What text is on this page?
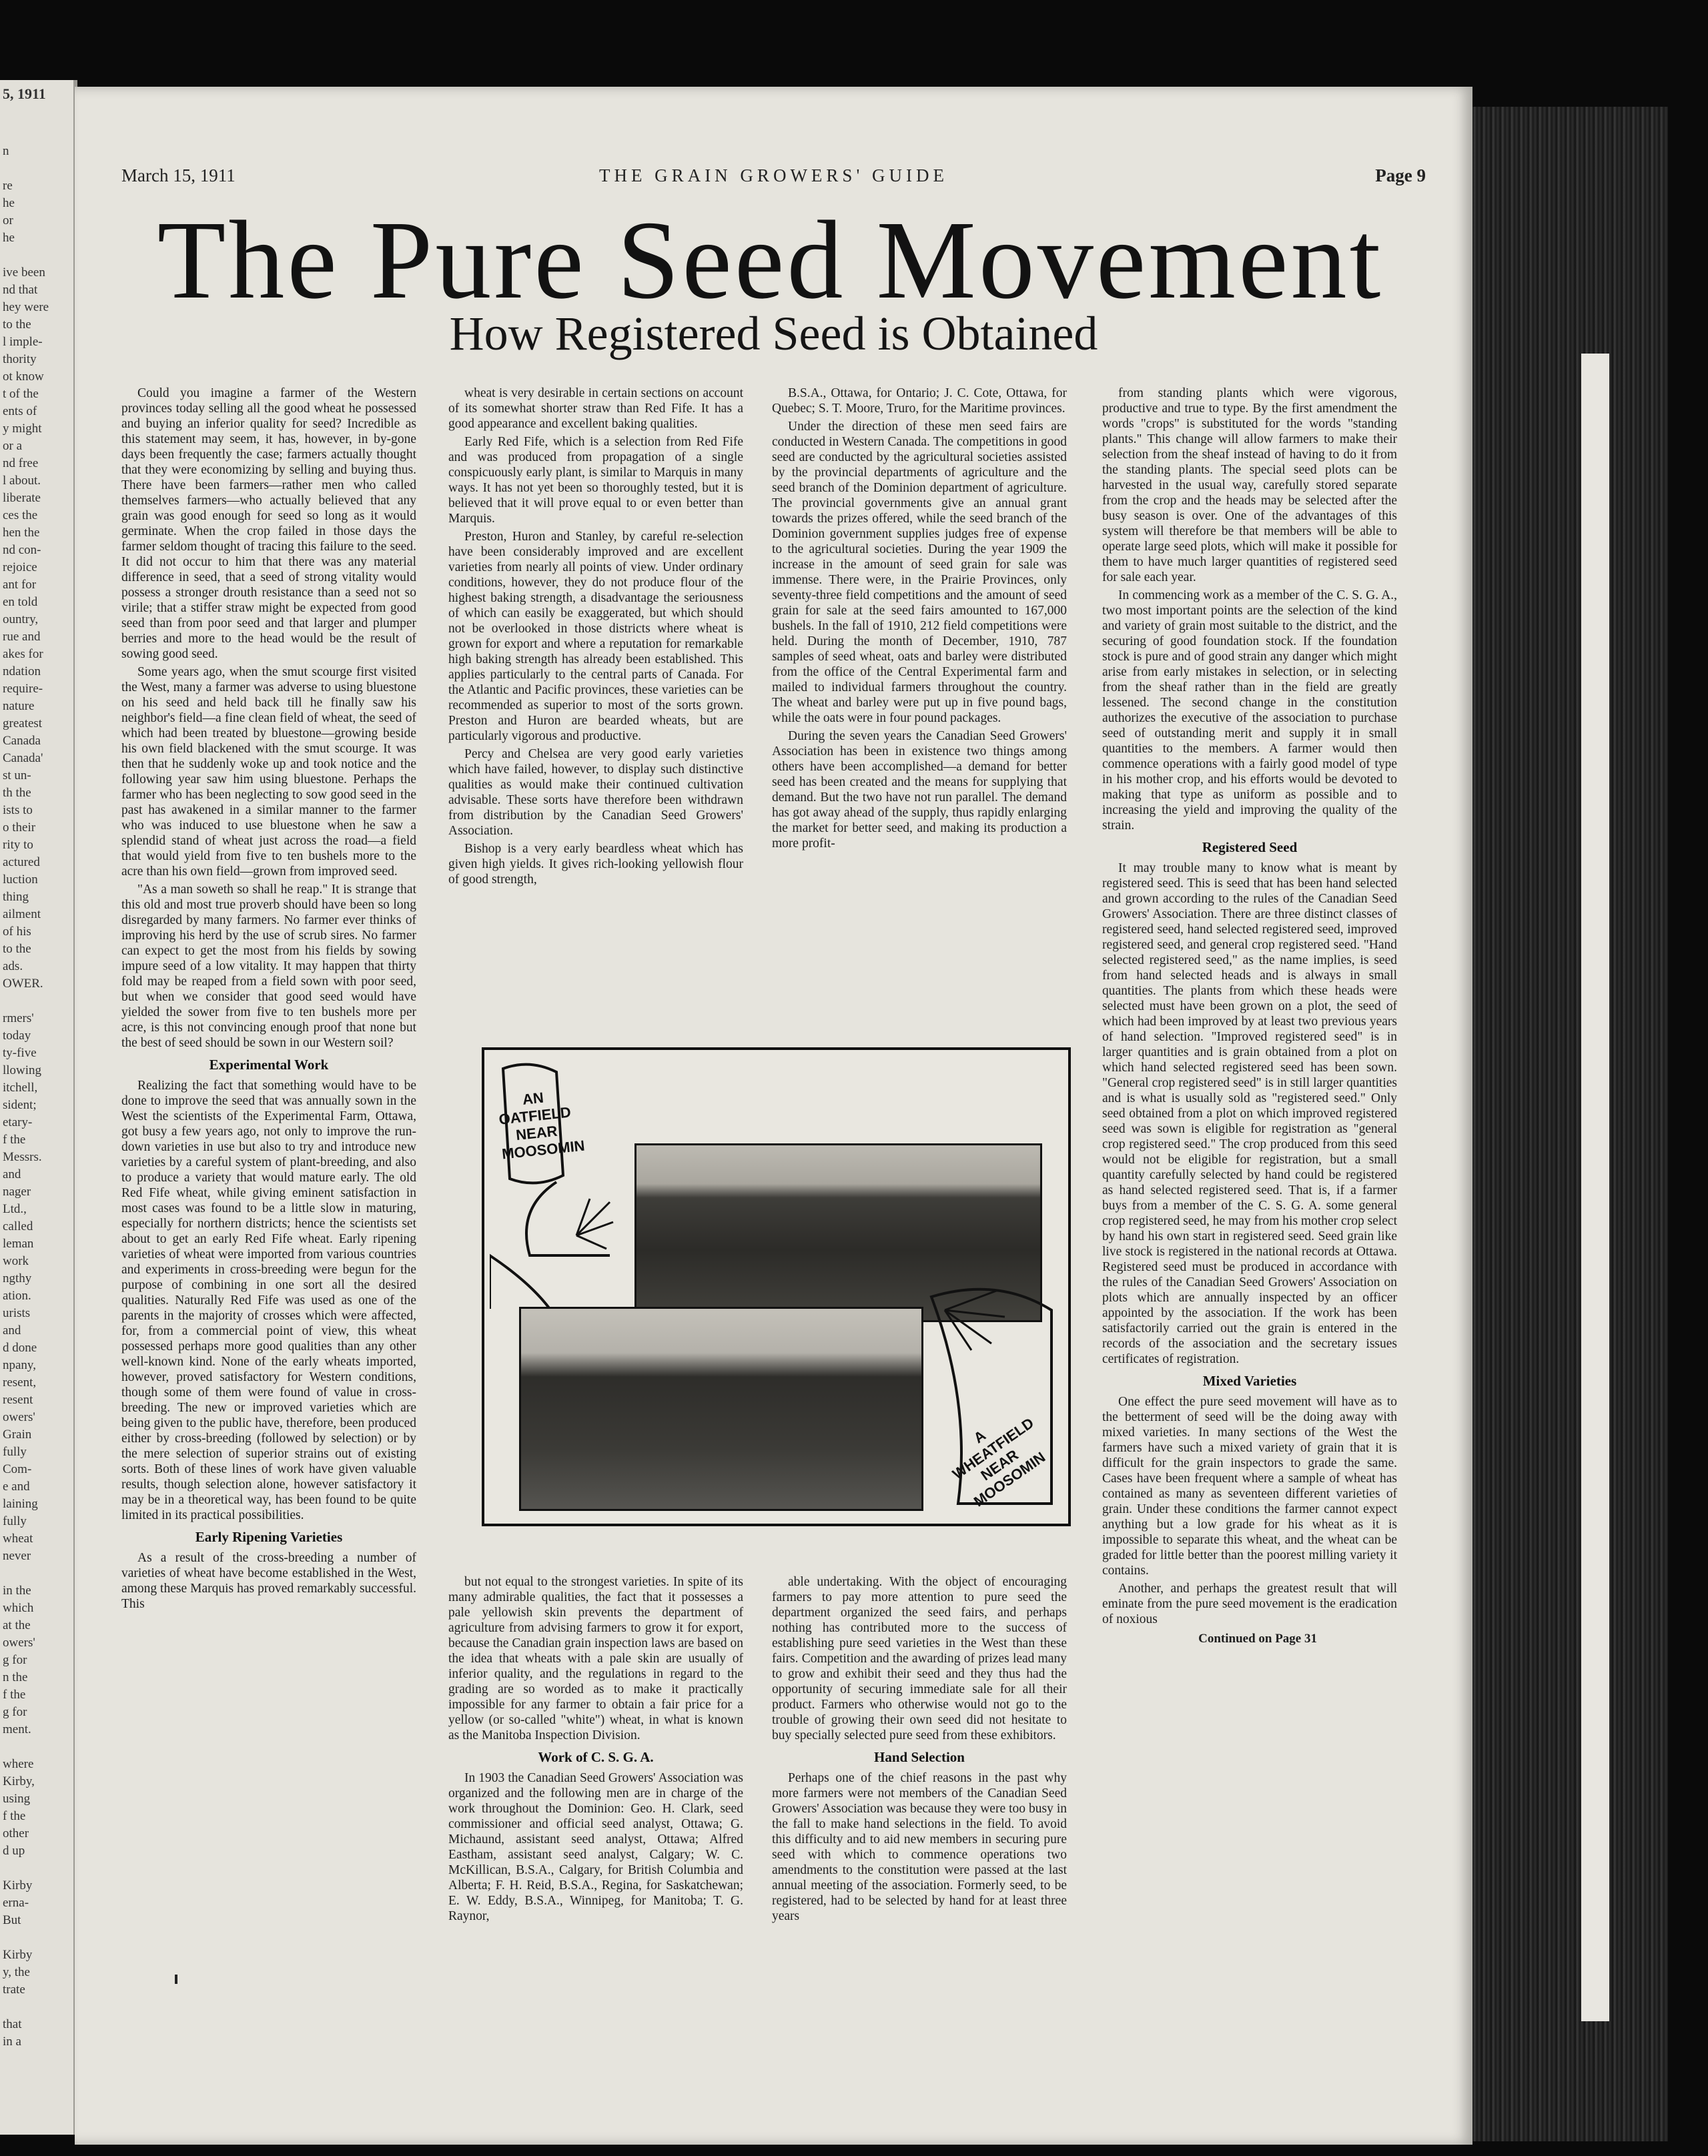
5, 1911
n

re
he
or
he

ive been
nd that
hey were
to the
l imple-
thority
ot know
t of the
ents of
y might
or a
nd free
l about.
liberate
ces the
hen the
nd con-
rejoice
ant for
en told
ountry,
rue and
akes for
ndation
require-
nature
greatest
Canada
Canada'
st un-
th the
ists to
o their
rity to
actured
luction
thing
ailment
of his
to the
ads.
OWER.

rmers'
today
ty-five
llowing
itchell,
sident;
etary-
f the
Messrs.
and
nager
Ltd.,
called
leman
work
ngthy
ation.
urists
and
d done
npany,
resent,
resent
owers'
Grain
fully
Com-
e and
laining
fully
wheat
never

in the
which
at the
owers'
g for
n the
f the
g for
ment.

where
Kirby,
using
f the
other
d up

Kirby
erna-
But

Kirby
y, the
trate

that
in a
March 15, 1911	THE GRAIN GROWERS' GUIDE	Page 9
The Pure Seed Movement
How Registered Seed is Obtained

Could you imagine a farmer of the Western provinces today selling all the good wheat he possessed and buying an inferior quality for seed? Incredible as this statement may seem, it has, however, in by-gone days been frequently the case; farmers actually thought that they were economizing by selling and buying thus. There have been farmers—rather men who called themselves farmers—who actually believed that any grain was good enough for seed so long as it would germinate. When the crop failed in those days the farmer seldom thought of tracing this failure to the seed. It did not occur to him that there was any material difference in seed, that a seed of strong vitality would possess a stronger drouth resistance than a seed not so virile; that a stiffer straw might be expected from good seed than from poor seed and that larger and plumper berries and more to the head would be the result of sowing good seed.

Some years ago, when the smut scourge first visited the West, many a farmer was adverse to using bluestone on his seed and held back till he finally saw his neighbor's field—a fine clean field of wheat, the seed of which had been treated by bluestone—growing beside his own field blackened with the smut scourge. It was then that he suddenly woke up and took notice and the following year saw him using bluestone. Perhaps the farmer who has been neglecting to sow good seed in the past has awakened in a similar manner to the farmer who was induced to use bluestone when he saw a splendid stand of wheat just across the road—a field that would yield from five to ten bushels more to the acre than his own field—grown from improved seed.

"As a man soweth so shall he reap." It is strange that this old and most true proverb should have been so long disregarded by many farmers. No farmer ever thinks of improving his herd by the use of scrub sires. No farmer can expect to get the most from his fields by sowing impure seed of a low vitality. It may happen that thirty fold may be reaped from a field sown with poor seed, but when we consider that good seed would have yielded the sower from five to ten bushels more per acre, is this not convincing enough proof that none but the best of seed should be sown in our Western soil?

Experimental Work

Realizing the fact that something would have to be done to improve the seed that was annually sown in the West the scientists of the Experimental Farm, Ottawa, got busy a few years ago, not only to improve the run-down varieties in use but also to try and introduce new varieties by a careful system of plant-breeding, and also to produce a variety that would mature early. The old Red Fife wheat, while giving eminent satisfaction in most cases was found to be a little slow in maturing, especially for northern districts; hence the scientists set about to get an early Red Fife wheat. Early ripening varieties of wheat were imported from various countries and experiments in cross-breeding were begun for the purpose of combining in one sort all the desired qualities. Naturally Red Fife was used as one of the parents in the majority of crosses which were affected, for, from a commercial point of view, this wheat possessed perhaps more good qualities than any other well-known kind. None of the early wheats imported, however, proved satisfactory for Western conditions, though some of them were found of value in cross-breeding. The new or improved varieties which are being given to the public have, therefore, been produced either by cross-breeding (followed by selection) or by the mere selection of superior strains out of existing sorts. Both of these lines of work have given valuable results, though selection alone, however satisfactory it may be in a theoretical way, has been found to be quite limited in its practical possibilities.

Early Ripening Varieties

As a result of the cross-breeding a number of varieties of wheat have become established in the West, among these Marquis has proved remarkably successful. This

wheat is very desirable in certain sections on account of its somewhat shorter straw than Red Fife. It has a good appearance and excellent baking qualities.

Early Red Fife, which is a selection from Red Fife and was produced from propagation of a single conspicuously early plant, is similar to Marquis in many ways. It has not yet been so thoroughly tested, but it is believed that it will prove equal to or even better than Marquis.

Preston, Huron and Stanley, by careful re-selection have been considerably improved and are excellent varieties from nearly all points of view. Under ordinary conditions, however, they do not produce flour of the highest baking strength, a disadvantage the seriousness of which can easily be exaggerated, but which should not be overlooked in those districts where wheat is grown for export and where a reputation for remarkable high baking strength has already been established. This applies particularly to the central parts of Canada. For the Atlantic and Pacific provinces, these varieties can be recommended as superior to most of the sorts grown. Preston and Huron are bearded wheats, but are particularly vigorous and productive.

Percy and Chelsea are very good early varieties which have failed, however, to display such distinctive qualities as would make their continued cultivation advisable. These sorts have therefore been withdrawn from distribution by the Canadian Seed Growers' Association.

Bishop is a very early beardless wheat which has given high yields. It gives rich-looking yellowish flour of good strength,

B.S.A., Ottawa, for Ontario; J. C. Cote, Ottawa, for Quebec; S. T. Moore, Truro, for the Maritime provinces.

Under the direction of these men seed fairs are conducted in Western Canada. The competitions in good seed are conducted by the agricultural societies assisted by the provincial departments of agriculture and the seed branch of the Dominion department of agriculture. The provincial governments give an annual grant towards the prizes offered, while the seed branch of the Dominion government supplies judges free of expense to the agricultural societies. During the year 1909 the increase in the amount of seed grain for sale was immense. There were, in the Prairie Provinces, only seventy-three field competitions and the amount of seed grain for sale at the seed fairs amounted to 167,000 bushels. In the fall of 1910, 212 field competitions were held. During the month of December, 1910, 787 samples of seed wheat, oats and barley were distributed from the office of the Central Experimental farm and mailed to individual farmers throughout the country. The wheat and barley were put up in five pound bags, while the oats were in four pound packages.

During the seven years the Canadian Seed Growers' Association has been in existence two things among others have been accomplished—a demand for better seed has been created and the means for supplying that demand. But the two have not run parallel. The demand has got away ahead of the supply, thus rapidly enlarging the market for better seed, and making its production a more profit-

AN OATFIELD NEAR MOOSOMIN
A WHEATFIELD NEAR MOOSOMIN

from standing plants which were vigorous, productive and true to type. By the first amendment the words "crops" is substituted for the words "standing plants." This change will allow farmers to make their selection from the sheaf instead of having to do it from the standing plants. The special seed plots can be harvested in the usual way, carefully stored separate from the crop and the heads may be selected after the busy season is over. One of the advantages of this system will therefore be that members will be able to operate large seed plots, which will make it possible for them to have much larger quantities of registered seed for sale each year.

In commencing work as a member of the C. S. G. A., two most important points are the selection of the kind and variety of grain most suitable to the district, and the securing of good foundation stock. If the foundation stock is pure and of good strain any danger which might arise from early mistakes in selection, or in selecting from the sheaf rather than in the field are greatly lessened. The second change in the constitution authorizes the executive of the association to purchase seed of outstanding merit and supply it in small quantities to the members. A farmer would then commence operations with a fairly good model of type in his mother crop, and his efforts would be devoted to making that type as uniform as possible and to increasing the yield and improving the quality of the strain.

Registered Seed

It may trouble many to know what is meant by registered seed. This is seed that has been hand selected and grown according to the rules of the Canadian Seed Growers' Association. There are three distinct classes of registered seed, hand selected registered seed, improved registered seed, and general crop registered seed. "Hand selected registered seed," as the name implies, is seed from hand selected heads and is always in small quantities. The plants from which these heads were selected must have been grown on a plot, the seed of which had been improved by at least two previous years of hand selection. "Improved registered seed" is in larger quantities and is grain obtained from a plot on which hand selected registered seed has been sown. "General crop registered seed" is in still larger quantities and is what is usually sold as "registered seed." Only seed obtained from a plot on which improved registered seed was sown is eligible for registration as "general crop registered seed." The crop produced from this seed would not be eligible for registration, but a small quantity carefully selected by hand could be registered as hand selected registered seed. That is, if a farmer buys from a member of the C. S. G. A. some general crop registered seed, he may from his mother crop select by hand his own start in registered seed. Seed grain like live stock is registered in the national records at Ottawa. Registered seed must be produced in accordance with the rules of the Canadian Seed Growers' Association on plots which are annually inspected by an officer appointed by the association. If the work has been satisfactorily carried out the grain is entered in the records of the association and the secretary issues certificates of registration.

Mixed Varieties

One effect the pure seed movement will have as to the betterment of seed will be the doing away with mixed varieties. In many sections of the West the farmers have such a mixed variety of grain that it is difficult for the grain inspectors to grade the same. Cases have been frequent where a sample of wheat has contained as many as seventeen different varieties of grain. Under these conditions the farmer cannot expect anything but a low grade for his wheat as it is impossible to separate this wheat, and the wheat can be graded for little better than the poorest milling variety it contains.

Another, and perhaps the greatest result that will eminate from the pure seed movement is the eradication of noxious

Continued on Page 31

but not equal to the strongest varieties. In spite of its many admirable qualities, the fact that it possesses a pale yellowish skin prevents the department of agriculture from advising farmers to grow it for export, because the Canadian grain inspection laws are based on the idea that wheats with a pale skin are usually of inferior quality, and the regulations in regard to the grading are so worded as to make it practically impossible for any farmer to obtain a fair price for a yellow (or so-called "white") wheat, in what is known as the Manitoba Inspection Division.

Work of C. S. G. A.

In 1903 the Canadian Seed Growers' Association was organized and the following men are in charge of the work throughout the Dominion: Geo. H. Clark, seed commissioner and official seed analyst, Ottawa; G. Michaund, assistant seed analyst, Ottawa; Alfred Eastham, assistant seed analyst, Calgary; W. C. McKillican, B.S.A., Calgary, for British Columbia and Alberta; F. H. Reid, B.S.A., Regina, for Saskatchewan; E. W. Eddy, B.S.A., Winnipeg, for Manitoba; T. G. Raynor,

able undertaking. With the object of encouraging farmers to pay more attention to pure seed the department organized the seed fairs, and perhaps nothing has contributed more to the success of establishing pure seed varieties in the West than these fairs. Competition and the awarding of prizes lead many to grow and exhibit their seed and they thus had the opportunity of securing immediate sale for all their product. Farmers who otherwise would not go to the trouble of growing their own seed did not hesitate to buy specially selected pure seed from these exhibitors.

Hand Selection

Perhaps one of the chief reasons in the past why more farmers were not members of the Canadian Seed Growers' Association was because they were too busy in the fall to make hand selections in the field. To avoid this difficulty and to aid new members in securing pure seed with which to commence operations two amendments to the constitution were passed at the last annual meeting of the association. Formerly seed, to be registered, had to be selected by hand for at least three years
